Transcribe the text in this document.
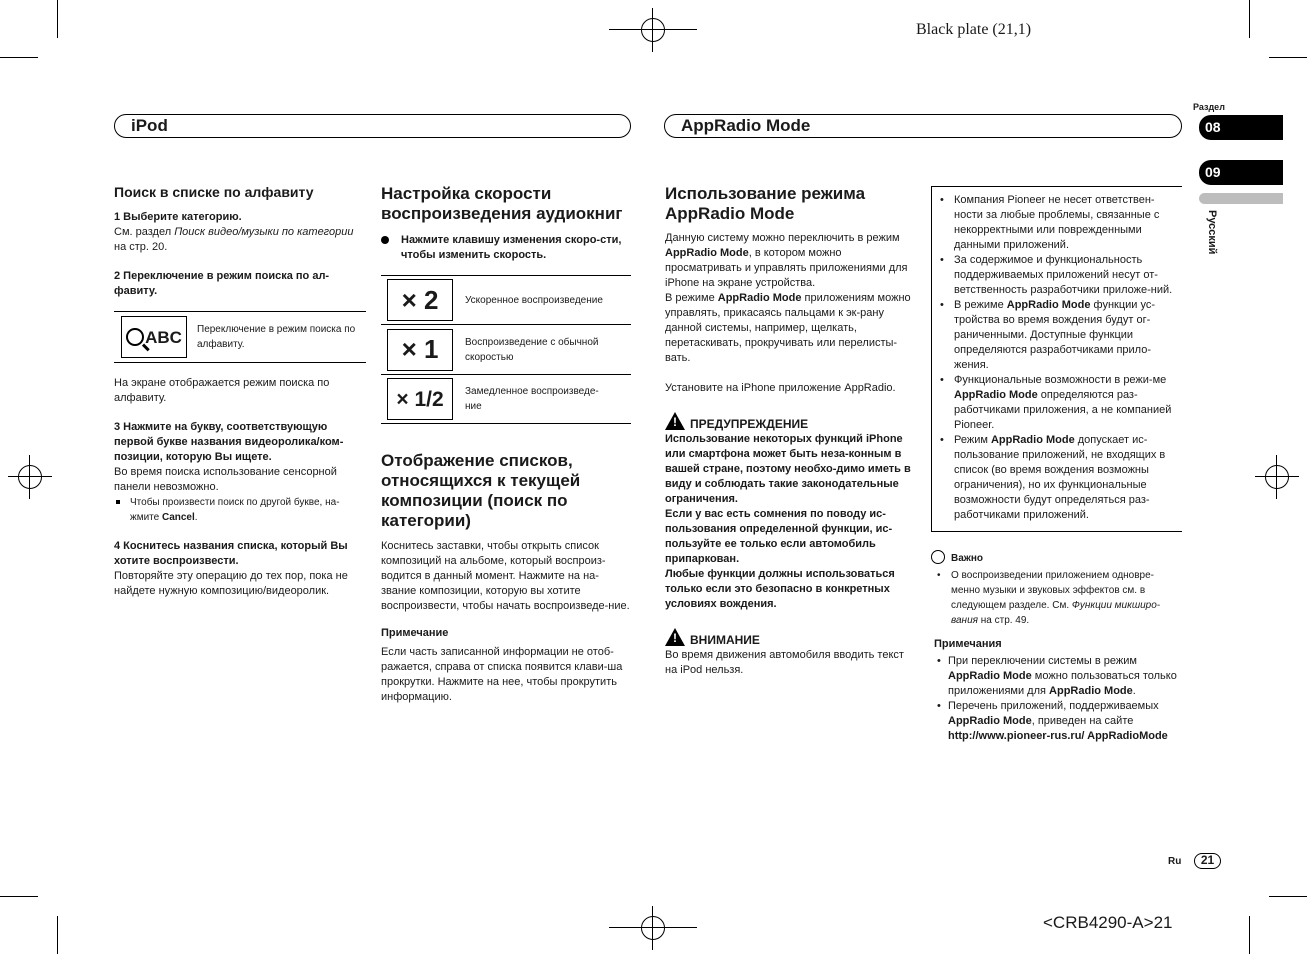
Black plate (21,1)
<CRB4290-A>21
iPod	AppRadio Mode
Раздел
08
09
Русский
Ru	21

Поиск в списке по алфавиту

1 Выберите категорию.

См. раздел Поиск видео/музыки по категории на стр. 20.

2 Переключение в режим поиска по ал-фавиту.

ABC	Переключение в режим поиска по алфавиту.

На экране отображается режим поиска по алфавиту.

3 Нажмите на букву, соответствующую первой букве названия видеоролика/ком-позиции, которую Вы ищете.

Во время поиска использование сенсорной панели невозможно.

Чтобы произвести поиск по другой букве, на-жмите Cancel.

4 Коснитесь названия списка, который Вы хотите воспроизвести.

Повторяйте эту операцию до тех пор, пока не найдете нужную композицию/видеоролик.

Настройка скорости воспроизведения аудиокниг

Нажмите клавишу изменения скоро-сти, чтобы изменить скорость.

× 2	Ускоренное воспроизведение
× 1	Воспроизведение с обычной скоростью
× 1/2 Замедленное воспроизведе-ние

Отображение списков, относящихся к текущей композиции (поиск по категории)

Коснитесь заставки, чтобы открыть список композиций на альбоме, который воспроиз-водится в данный момент. Нажмите на на-звание композиции, которую вы хотите воспроизвести, чтобы начать воспроизведе-ние.

Примечание

Если часть записанной информации не отоб-ражается, справа от списка появится клави-ша прокрутки. Нажмите на нее, чтобы прокрутить информацию.

Использование режима AppRadio Mode

Данную систему можно переключить в режим AppRadio Mode, в котором можно просматривать и управлять приложениями для iPhone на экране устройства.

В режиме AppRadio Mode приложениям можно управлять, прикасаясь пальцами к эк-рану данной системы, например, щелкать, перетаскивать, прокручивать или перелисты-вать.

Установите на iPhone приложение AppRadio.

!ПРЕДУПРЕЖДЕНИЕ

Использование некоторых функций iPhone или смартфона может быть неза-конным в вашей стране, поэтому необхо-димо иметь в виду и соблюдать такие законодательные ограничения.

Если у вас есть сомнения по поводу ис-пользования определенной функции, ис-пользуйте ее только если автомобиль припаркован.

Любые функции должны использоваться только если это безопасно в конкретных условиях вождения.

!ВНИМАНИЕ

Во время движения автомобиля вводить текст на iPod нельзя.

• Компания Pioneer не несет ответствен-ности за любые проблемы, связанные с некорректными или поврежденными данными приложений.
• За содержимое и функциональность поддерживаемых приложений несут от-ветственность разработчики приложе-ний.
• В режиме AppRadio Mode функции ус-тройства во время вождения будут ог-раниченными. Доступные функции определяются разработчиками прило-жения.
• Функциональные возможности в режи-ме AppRadio Mode определяются раз-работчиками приложения, а не компанией Pioneer.
• Режим AppRadio Mode допускает ис-пользование приложений, не входящих в список (во время вождения возможны ограничения), но их функциональные возможности будут определяться раз-работчиками приложений.

Важно

• О воспроизведении приложением одновре-менно музыки и звуковых эффектов см. в следующем разделе. См. Функции микширо-вания на стр. 49.

Примечания

• При переключении системы в режим AppRadio Mode можно пользоваться только приложениями для AppRadio Mode.
• Перечень приложений, поддерживаемых AppRadio Mode, приведен на сайте http://www.pioneer-rus.ru/ AppRadioMode
